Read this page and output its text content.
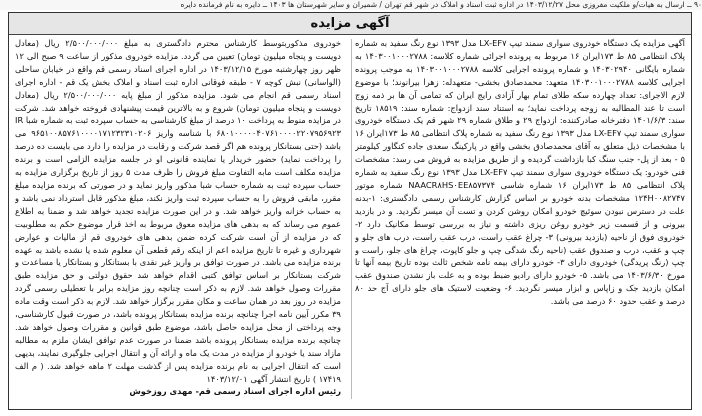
۹۰ ــ ارسال به هیات/و ملکیت مفروزی محل ۱۴۰۳/۱۲/۲۷ در اداره ثبت اسناد و املاک در شهر قم تهران / شمیران و سایر شهرستان ها ۱۴۰۳ ــ دایره به نام فرمانده دایره
آگهی مزایده

آگهی مزایده یک دستگاه خودروی سواری سمند تیپ LX-EF۷ مدل ۱۳۹۳ نوع رنگ سفید به شماره پلاک انتظامی ۸۵ ط ۱۷۳ایران ۱۶ مربوط به پرونده اجرائی شماره کلاسه: ۱۴۰۳۰۰۱۰۰۰۲۷۸۸ به شماره بایگانی ۱۴۰۳۰۲۹۴۰ و شماره پرونده اجرایی کلاسه ۱۴۰۳۰۰۱۰۰۰۲۷۸۸ به موجب پرونده اجرایی کلاسه ۱۴۰۳۰۰۱۰۰۰۲۷۸۸ متعهد: محمدصادق بخشی- متعهدله: زهرا بیرانوند؛ با موضوع لازم الاجرای: تعداد چهارده سکه طلای تمام بهار آزادی رایج ایران که تمامی آن ها بر ذمه زوج است تا عند المطالبه به زوجه پرداخت نماید؛ به استناد سند ازدواج: شماره سند: ۱۸۵۱۹ تاریخ سند: ۱۴۰۱/۶/۳ دفترخانه صادرکننده: ازدواج ۲۹ و طلاق شماره ۲۹ شهر قم یک دستگاه خودروی سواری سمند تیپ LX-EF۷ مدل ۱۳۹۳ نوع رنگ سفید به شماره پلاک انتظامی ۸۵ ط ۱۷۳ایران ۱۶ با مشخصات ذیل متعلق به آقای محمدصادق بخشی واقع در پارکینگ سعدی جاده کنگاور کیلومتر ۵ - بعد از پل- جنب سنگ کبا بازداشت گردیده و از طریق مزایده به فروش می رسد: مشخصات فنی خودرو: یک دستگاه خودروی سواری سمند تیپ LX-EF۷ مدل ۱۳۹۳ نوع رنگ سفید به شماره پلاک انتظامی ۸۵ ط ۱۷۳ایران ۱۶ شماره شاسی NAACR۸HS۰EE۸۵۷۳۷۴ شماره موتور ۱۲۴H۰۰۸۲۷۴۷ مشخصات بدنه خودرو بر اساس گزارش کارشناس رسمی دادگستری: ۱-بدنه علت در دسترس نبودن سوئیچ خودرو امکان روشن کردن و تست آن میسر نگردید. و در بازدید بیرونی و از قسمت زیر خودرو روغن ریزی داشته و نیاز به بررسی توسط مکانیک دارد ۲- خودروی فوق از ناحیه (بازدید بیرونی) ۳- چراغ عقب راست، درب عقب راست، درب های جلو و چپ و عقب، درب و صندوق عقب (ناحیه رنگ شدگی چپ و جلو کاپوت، چراغ های جلو، راست و چپ (رنگ پریدگی) خودروی دارای ۳- خودرو دارای بیمه نامه شخص ثالث بوده تاریخ بیمه آنها تا مورخ ۱۴۰۳/۶/۳۰ می باشد. ۵- خودرو دارای رادیو ضبط بوده و به علت باز نشدن صندوق عقب امکان بازدید جک و زاپاس و ابزار میسر نگردید. ۶- وضعیت لاستیک های جلو دارای آج حد ۸۰ درصد و عقب حدود ۶۰ درصد می باشد.

خودروی مذکوربتوسط کارشناس محترم دادگستری به مبلغ ۲/۵۰۰/۰۰۰/۰۰۰ ریال (معادل دویست و پنجاه میلیون تومان) تعیین می گردد. مزایده خودروی مذکور از ساعت ۹ صبح الی ۱۲ ظهر روز چهارشنبه مورخ ۱۴۰۳/۱۲/۱۵ در اداره اجرای اسناد رسمی قم واقع در خیابان ساحلی (الواسانی) نبش کوچه ۷ - طبقه فوقانی اداره ثبت اسناد و املاک بخش یک قم - اداره اجرای اسناد رسمی قم انجام می شود. مزایده مذکور از مبلغ پایه ۲/۵۰۰/۰۰۰/۰۰۰ ریال (معادل دویست و پنجاه میلیون تومان) شروع و به بالاترین قیمت پیشنهادی فروخته خواهد شد. شرکت در مزایده منوط به پرداخت ۱۰ درصد از مبلغ کارشناسی به حساب سپرده ثبت به شماره شبا IR ۶۸۰۱۰۰۰۰۰۴۰۷۶۱۰۰۰۰۲۲۰۷۹۵۶۹۲۳ با شناسه واریز ۹۶۵۱۰۰۸۵۷۶۱۰۰۰۰۱۷۱۲۳۲۳۱۰۲۰۶ می باشد (حتی بستانکار پرونده هم اگر قصد شرکت و رقابت در مزایده را دارد می بایست ده درصد را پرداخت نماید) حضور خریدار یا نماینده قانونی او در جلسه مزایده الزامی است و برنده مزایده مکلف است مابه التفاوت مبلغ فروش را ظرف مدت ۵ روز از تاریخ برگزاری مزایده به حساب سپرده ثبت به شماره حساب شبا مذکور واریز نماید و در صورتی که برنده مزایده مبلغ مقرر، مابقی فروش را به حساب سپرده ثبت واریز نکند، مبلغ مذکور قابل استرداد نمی باشد و به حساب خزانه واریز خواهد شد. و در این صورت مزایده تجدید خواهد شد و ضمنا به اطلاع عموم می رساند که به بدهی های مزایده معوق مربوط به اخذ قرار موضوع حکم به مطلوبیت که در مزایده از آن است شرکت کرده ضمن بدهی های خودروی قم از مالیات و عوارض شهرداری و غیره تا تاریخ مزایده اعم از اینکه رقم قطعی آن معلوم شده یا نشده باشد به عهده برنده مزایده می باشد. در صورت توافق بر واریز غیر نقدی با بستانکار و بستانکار یا مساعدت و شرکت بستانکار بر اساس توافق کتبی اقدام خواهد شد حقوق دولتی و حق مزایده طبق مقررات وصول خواهد شد. لازم به ذکر است چنانچه روز مزایده برابر با تعطیلی رسمی گردد مزایده در روز بعد در همان ساعت و مکان مقرر برگزار خواهد شد. لازم به ذکر است وقت ماده ۳۹ مکرر آیین نامه اجرا چنانچه برنده مزایده بستانکار پرونده باشد، در صورت قبول کارشناسی، وجه پرداختی از محل مزایده حاصل باشد، موضوع طبق قوانین و مقررات وصول خواهد شد. چنانچه برنده مزایده بستانکار پرونده باشد ضمنا در صورت عدم توافق ایشان ملزم به مطالبه مازاد سند یا خودرو از مزایده در مدت یک ماه و ارائه آن و انتقال اجرایی جلوگیری نمایند، بدیهی است که انتقال اجرایی به نام برنده مزایده پس از گذشت مهلت ۲ ماهه خواهد شد. ( م الف ۱۷۴۱۹ ) تاریخ انتشار آگهی ۱۴۰۳/۱۲/۰۱

رئیس اداره اجرای اسناد رسمی قم- مهدی روزخوش
